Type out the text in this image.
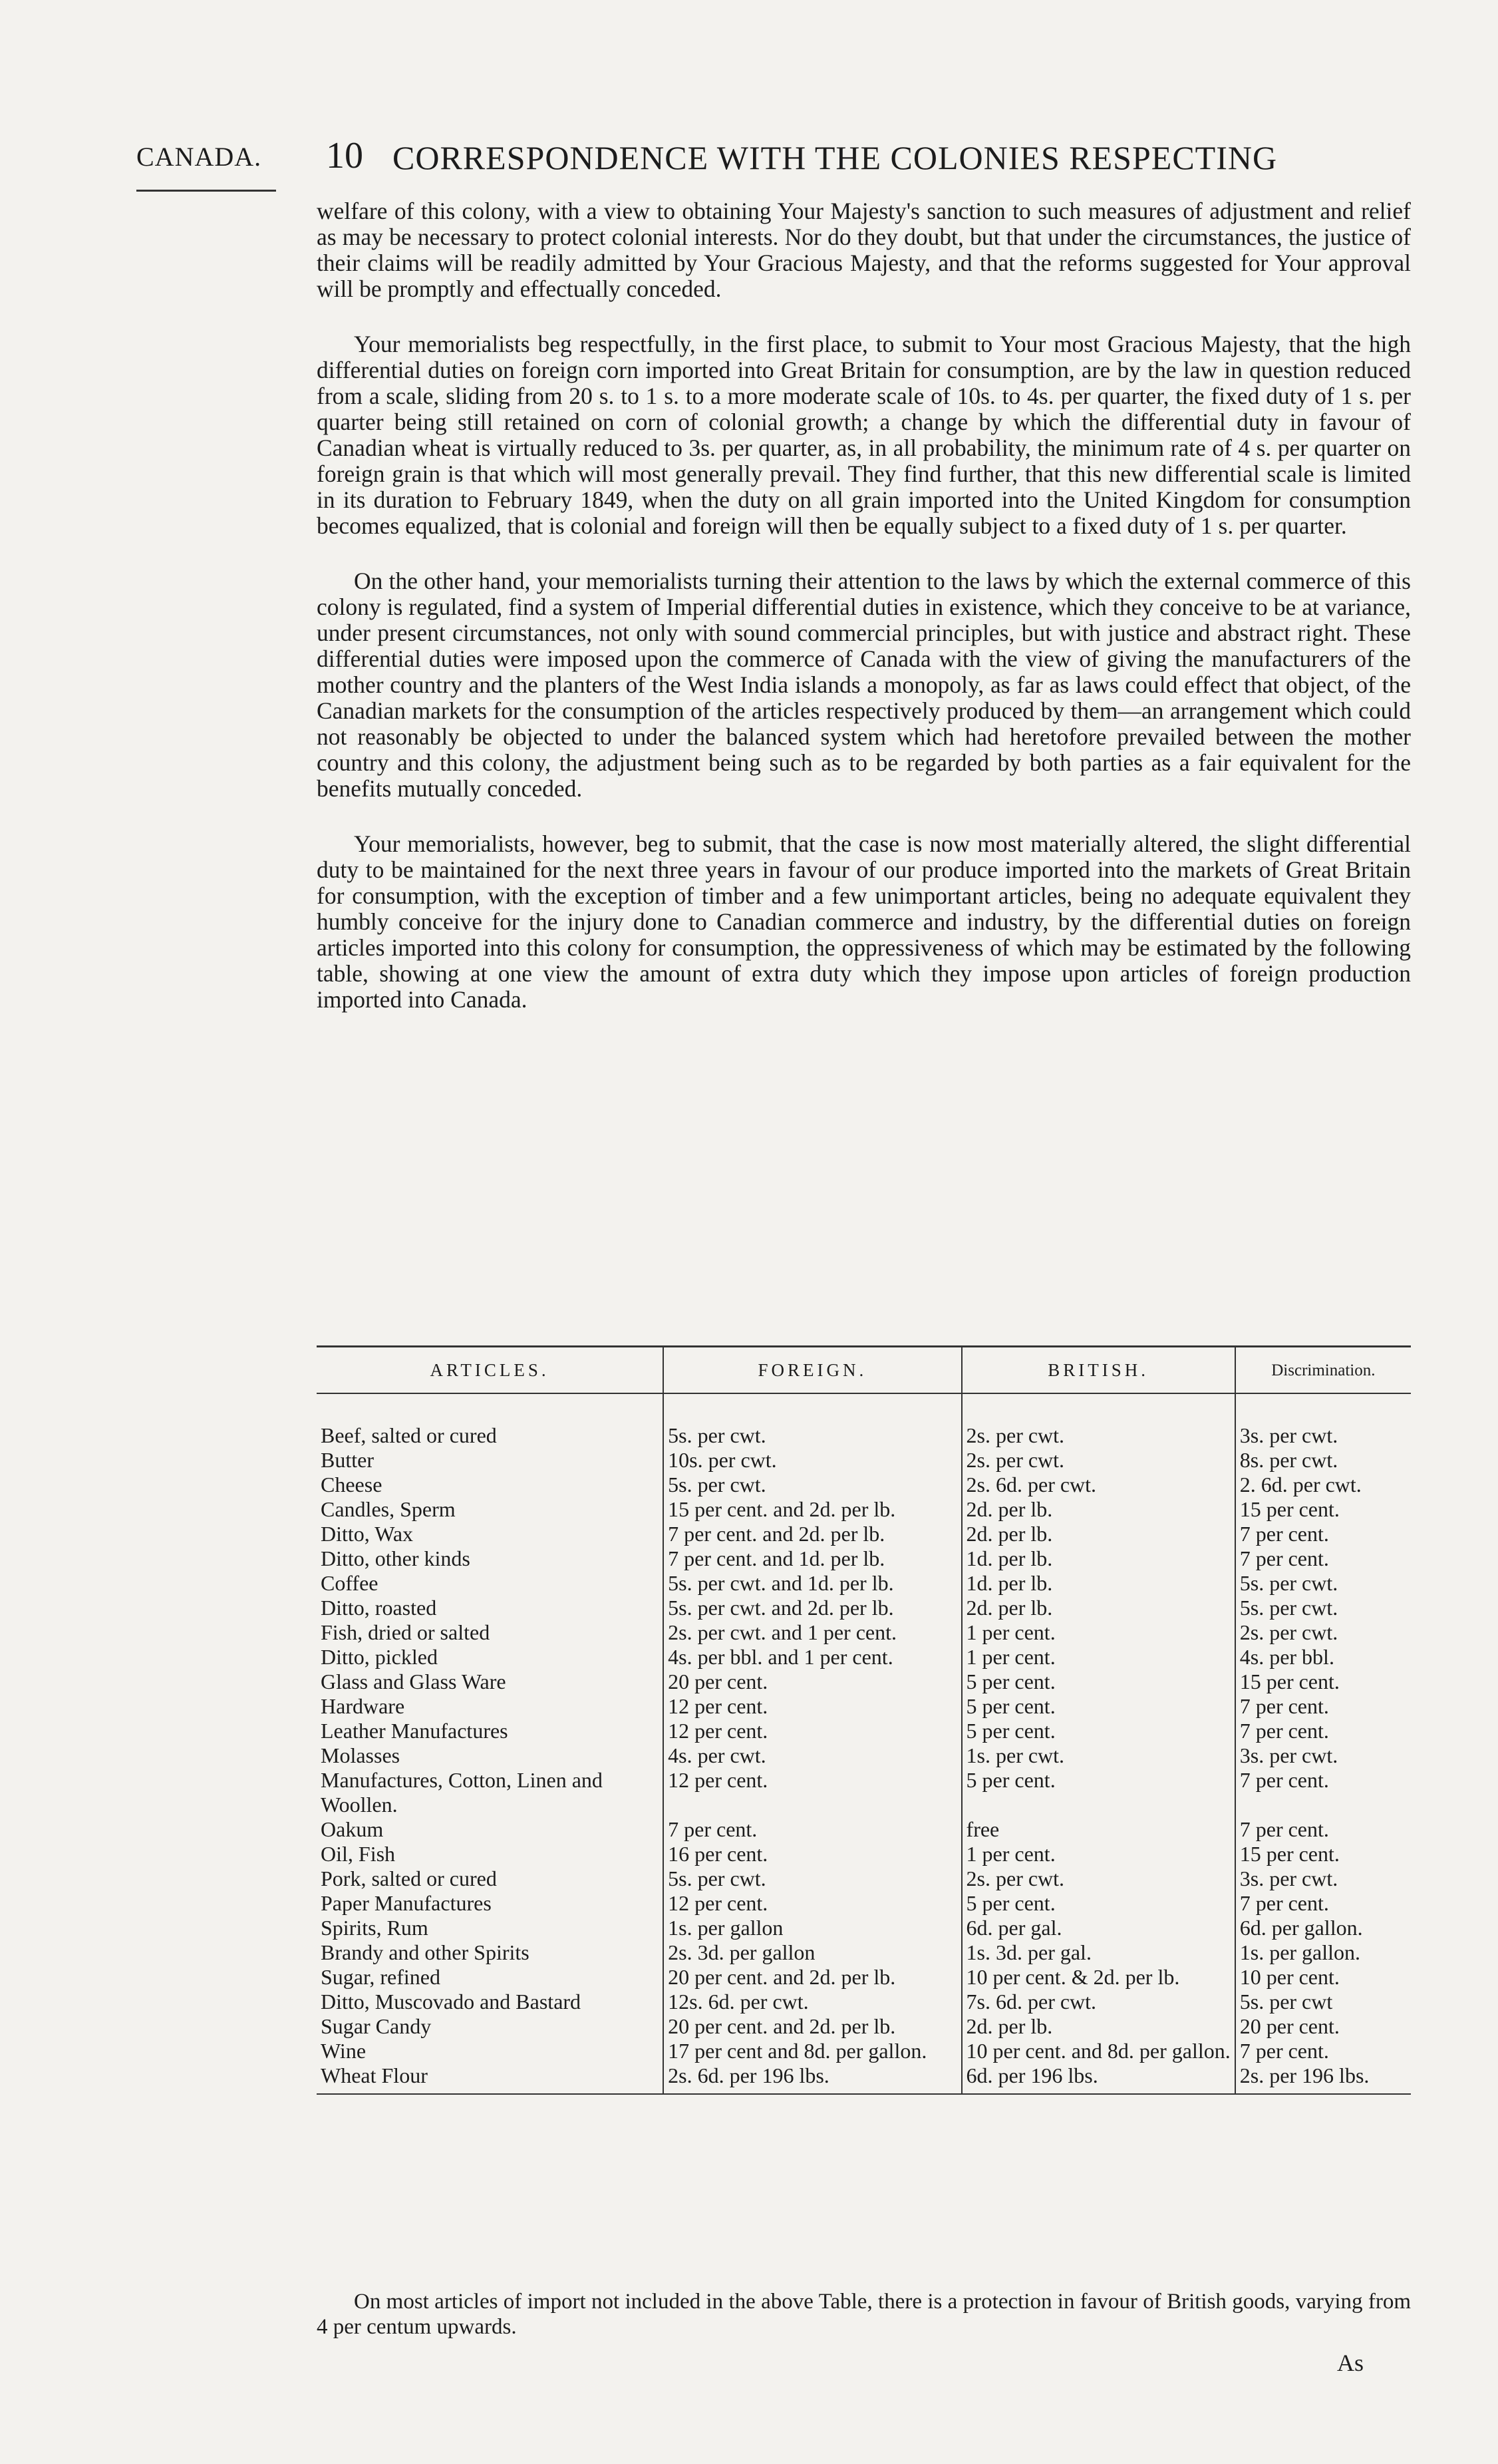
CANADA. 10 CORRESPONDENCE WITH THE COLONIES RESPECTING

welfare of this colony, with a view to obtaining Your Majesty's sanction to such measures of adjustment and relief as may be necessary to protect colonial interests. Nor do they doubt, but that under the circumstances, the justice of their claims will be readily admitted by Your Gracious Majesty, and that the reforms suggested for Your approval will be promptly and effectually conceded.

Your memorialists beg respectfully, in the first place, to submit to Your most Gracious Majesty, that the high differential duties on foreign corn imported into Great Britain for consumption, are by the law in question reduced from a scale, sliding from 20 s. to 1 s. to a more moderate scale of 10s. to 4s. per quarter, the fixed duty of 1 s. per quarter being still retained on corn of colonial growth; a change by which the differential duty in favour of Canadian wheat is virtually reduced to 3s. per quarter, as, in all probability, the minimum rate of 4 s. per quarter on foreign grain is that which will most generally prevail. They find further, that this new differential scale is limited in its duration to February 1849, when the duty on all grain imported into the United Kingdom for consumption becomes equalized, that is colonial and foreign will then be equally subject to a fixed duty of 1 s. per quarter.

On the other hand, your memorialists turning their attention to the laws by which the external commerce of this colony is regulated, find a system of Imperial differential duties in existence, which they conceive to be at variance, under present circumstances, not only with sound commercial principles, but with justice and abstract right. These differential duties were imposed upon the commerce of Canada with the view of giving the manufacturers of the mother country and the planters of the West India islands a monopoly, as far as laws could effect that object, of the Canadian markets for the consumption of the articles respectively produced by them—an arrangement which could not reasonably be objected to under the balanced system which had heretofore prevailed between the mother country and this colony, the adjustment being such as to be regarded by both parties as a fair equivalent for the benefits mutually conceded.

Your memorialists, however, beg to submit, that the case is now most materially altered, the slight differential duty to be maintained for the next three years in favour of our produce imported into the markets of Great Britain for consumption, with the exception of timber and a few unimportant articles, being no adequate equivalent they humbly conceive for the injury done to Canadian commerce and industry, by the differential duties on foreign articles imported into this colony for consumption, the oppressiveness of which may be estimated by the following table, showing at one view the amount of extra duty which they impose upon articles of foreign production imported into Canada.

ARTICLES.	FOREIGN.	BRITISH.	Discrimination.

Beef, salted or cured	5s. per cwt.	2s. per cwt.	3s. per cwt.
Butter	10s. per cwt.	2s. per cwt.	8s. per cwt.
Cheese	5s. per cwt.	2s. 6d. per cwt.	2. 6d. per cwt.
Candles, Sperm	15 per cent. and 2d. per lb.	2d. per lb.	15 per cent.
Ditto, Wax	7 per cent. and 2d. per lb.	2d. per lb.	7 per cent.
Ditto, other kinds	7 per cent. and 1d. per lb.	1d. per lb.	7 per cent.
Coffee	5s. per cwt. and 1d. per lb.	1d. per lb.	5s. per cwt.
Ditto, roasted	5s. per cwt. and 2d. per lb.	2d. per lb.	5s. per cwt.
Fish, dried or salted	2s. per cwt. and 1 per cent.	1 per cent.	2s. per cwt.
Ditto, pickled	4s. per bbl. and 1 per cent.	1 per cent.	4s. per bbl.
Glass and Glass Ware	20 per cent.	5 per cent.	15 per cent.
Hardware	12 per cent.	5 per cent.	7 per cent.
Leather Manufactures	12 per cent.	5 per cent.	7 per cent.
Molasses	4s. per cwt.	1s. per cwt.	3s. per cwt.
Manufactures, Cotton, Linen and Woollen.	12 per cent.	5 per cent.	7 per cent.
Oakum	7 per cent.	free	7 per cent.
Oil, Fish	16 per cent.	1 per cent.	15 per cent.
Pork, salted or cured	5s. per cwt.	2s. per cwt.	3s. per cwt.
Paper Manufactures	12 per cent.	5 per cent.	7 per cent.
Spirits, Rum	1s. per gallon	6d. per gal.	6d. per gallon.
Brandy and other Spirits	2s. 3d. per gallon	1s. 3d. per gal.	1s. per gallon.
Sugar, refined	20 per cent. and 2d. per lb.	10 per cent. & 2d. per lb.	10 per cent.
Ditto, Muscovado and Bastard	12s. 6d. per cwt.	7s. 6d. per cwt.	5s. per cwt
Sugar Candy	20 per cent. and 2d. per lb.	2d. per lb.	20 per cent.
Wine	17 per cent and 8d. per gallon.	10 per cent. and 8d. per gallon.	7 per cent.
Wheat Flour	2s. 6d. per 196 lbs.	6d. per 196 lbs.	2s. per 196 lbs.
On most articles of import not included in the above Table, there is a protection in favour of British goods, varying from 4 per centum upwards.
As
